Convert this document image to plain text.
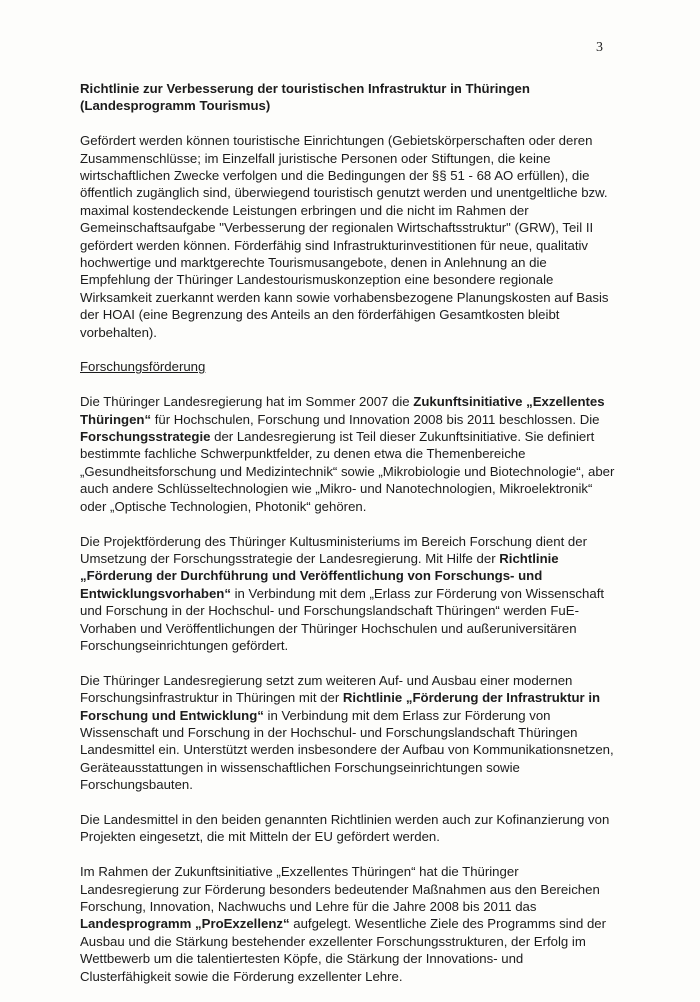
3
Richtlinie zur Verbesserung der touristischen Infrastruktur in Thüringen (Landesprogramm Tourismus)

Gefördert werden können touristische Einrichtungen (Gebietskörperschaften oder deren Zusammenschlüsse; im Einzelfall juristische Personen oder Stiftungen, die keine wirtschaftlichen Zwecke verfolgen und die Bedingungen der §§ 51 - 68 AO erfüllen), die öffentlich zugänglich sind, überwiegend touristisch genutzt werden und unentgeltliche bzw. maximal kostendeckende Leistungen erbringen und die nicht im Rahmen der Gemeinschaftsaufgabe "Verbesserung der regionalen Wirtschaftsstruktur" (GRW), Teil II gefördert werden können. Förderfähig sind Infrastrukturinvestitionen für neue, qualitativ hochwertige und marktgerechte Tourismusangebote, denen in Anlehnung an die Empfehlung der Thüringer Landestourismuskonzeption eine besondere regionale Wirksamkeit zuerkannt werden kann sowie vorhabensbezogene Planungskosten auf Basis der HOAI (eine Begrenzung des Anteils an den förderfähigen Gesamtkosten bleibt vorbehalten).

Forschungsförderung

Die Thüringer Landesregierung hat im Sommer 2007 die Zukunftsinitiative „Exzellentes Thüringen“ für Hochschulen, Forschung und Innovation 2008 bis 2011 beschlossen. Die Forschungsstrategie der Landesregierung ist Teil dieser Zukunftsinitiative. Sie definiert bestimmte fachliche Schwerpunktfelder, zu denen etwa die Themenbereiche „Gesundheitsforschung und Medizintechnik“ sowie „Mikrobiologie und Biotechnologie“, aber auch andere Schlüsseltechnologien wie „Mikro- und Nanotechnologien, Mikroelektronik“ oder „Optische Technologien, Photonik“ gehören.

Die Projektförderung des Thüringer Kultusministeriums im Bereich Forschung dient der Umsetzung der Forschungsstrategie der Landesregierung. Mit Hilfe der Richtlinie „Förderung der Durchführung und Veröffentlichung von Forschungs- und Entwicklungsvorhaben“ in Verbindung mit dem „Erlass zur Förderung von Wissenschaft und Forschung in der Hochschul- und Forschungslandschaft Thüringen“ werden FuE-Vorhaben und Veröffentlichungen der Thüringer Hochschulen und außeruniversitären Forschungseinrichtungen gefördert.

Die Thüringer Landesregierung setzt zum weiteren Auf- und Ausbau einer modernen Forschungsinfrastruktur in Thüringen mit der Richtlinie „Förderung der Infrastruktur in Forschung und Entwicklung“ in Verbindung mit dem Erlass zur Förderung von Wissenschaft und Forschung in der Hochschul- und Forschungslandschaft Thüringen Landesmittel ein. Unterstützt werden insbesondere der Aufbau von Kommunikationsnetzen, Geräteausstattungen in wissenschaftlichen Forschungseinrichtungen sowie Forschungsbauten.

Die Landesmittel in den beiden genannten Richtlinien werden auch zur Kofinanzierung von Projekten eingesetzt, die mit Mitteln der EU gefördert werden.

Im Rahmen der Zukunftsinitiative „Exzellentes Thüringen“ hat die Thüringer Landesregierung zur Förderung besonders bedeutender Maßnahmen aus den Bereichen Forschung, Innovation, Nachwuchs und Lehre für die Jahre 2008 bis 2011 das Landesprogramm „ProExzellenz“ aufgelegt. Wesentliche Ziele des Programms sind der Ausbau und die Stärkung bestehender exzellenter Forschungsstrukturen, der Erfolg im Wettbewerb um die talentiertesten Köpfe, die Stärkung der Innovations- und Clusterfähigkeit sowie die Förderung exzellenter Lehre.
